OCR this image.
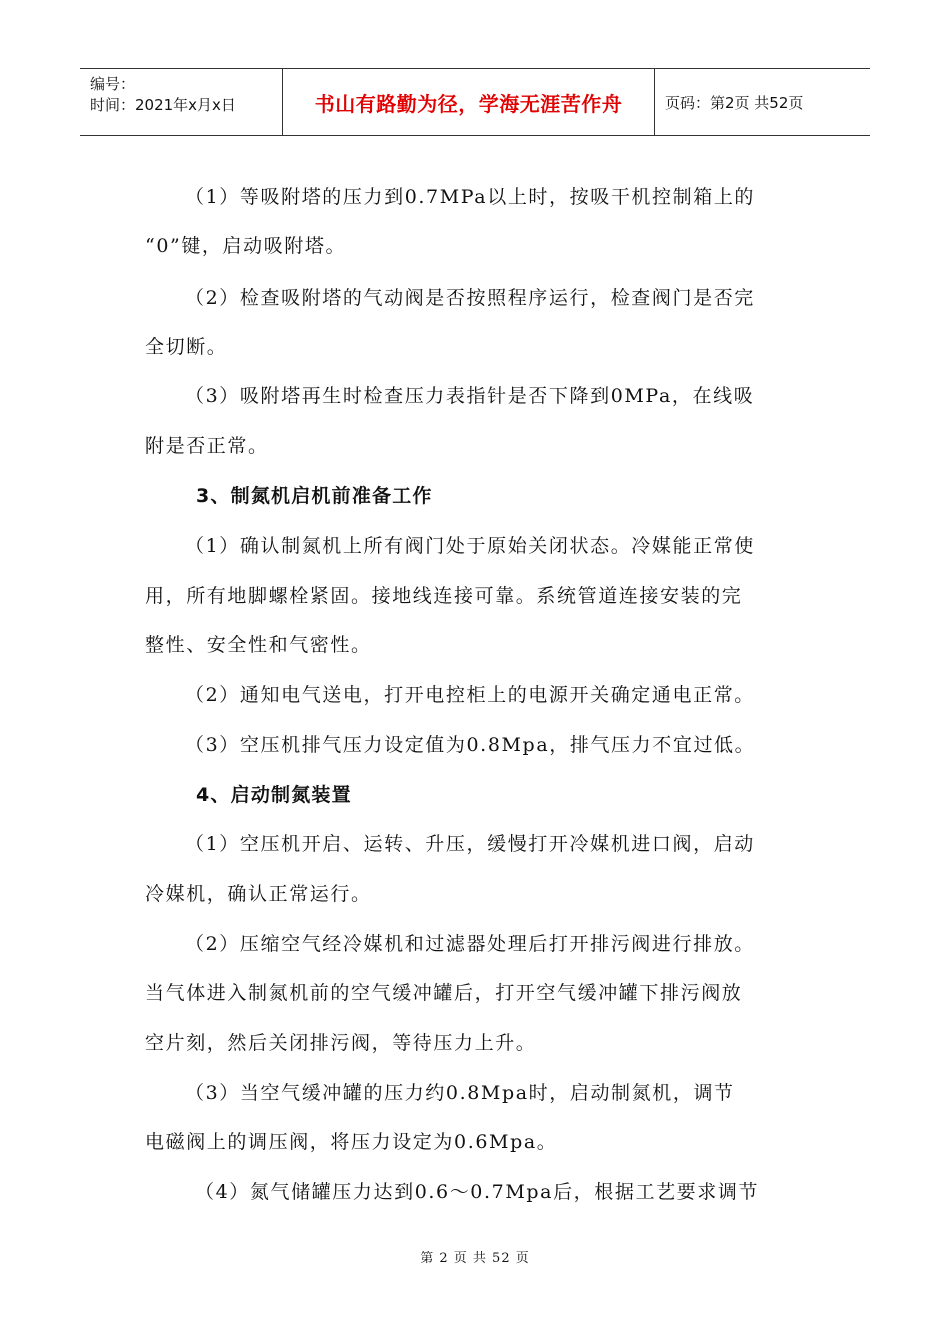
编号：
时间：2021年x月x日	书山有路勤为径，学海无涯苦作舟	页码：第2页 共52页
（1）等吸附塔的压力到0.7MPa以上时，按吸干机控制箱上的
“0”键，启动吸附塔。
（2）检查吸附塔的气动阀是否按照程序运行，检查阀门是否完
全切断。
（3）吸附塔再生时检查压力表指针是否下降到0MPa，在线吸
附是否正常。
3、制氮机启机前准备工作
（1）确认制氮机上所有阀门处于原始关闭状态。冷媒能正常使
用，所有地脚螺栓紧固。接地线连接可靠。系统管道连接安装的完
整性、安全性和气密性。
（2）通知电气送电，打开电控柜上的电源开关确定通电正常。
（3）空压机排气压力设定值为0.8Mpa，排气压力不宜过低。
4、启动制氮装置
（1）空压机开启、运转、升压，缓慢打开冷媒机进口阀，启动
冷媒机，确认正常运行。
（2）压缩空气经冷媒机和过滤器处理后打开排污阀进行排放。
当气体进入制氮机前的空气缓冲罐后，打开空气缓冲罐下排污阀放
空片刻，然后关闭排污阀，等待压力上升。
（3）当空气缓冲罐的压力约0.8Mpa时，启动制氮机，调节
电磁阀上的调压阀，将压力设定为0.6Mpa。
（4）氮气储罐压力达到0.6～0.7Mpa后，根据工艺要求调节
第 2 页 共 52 页
